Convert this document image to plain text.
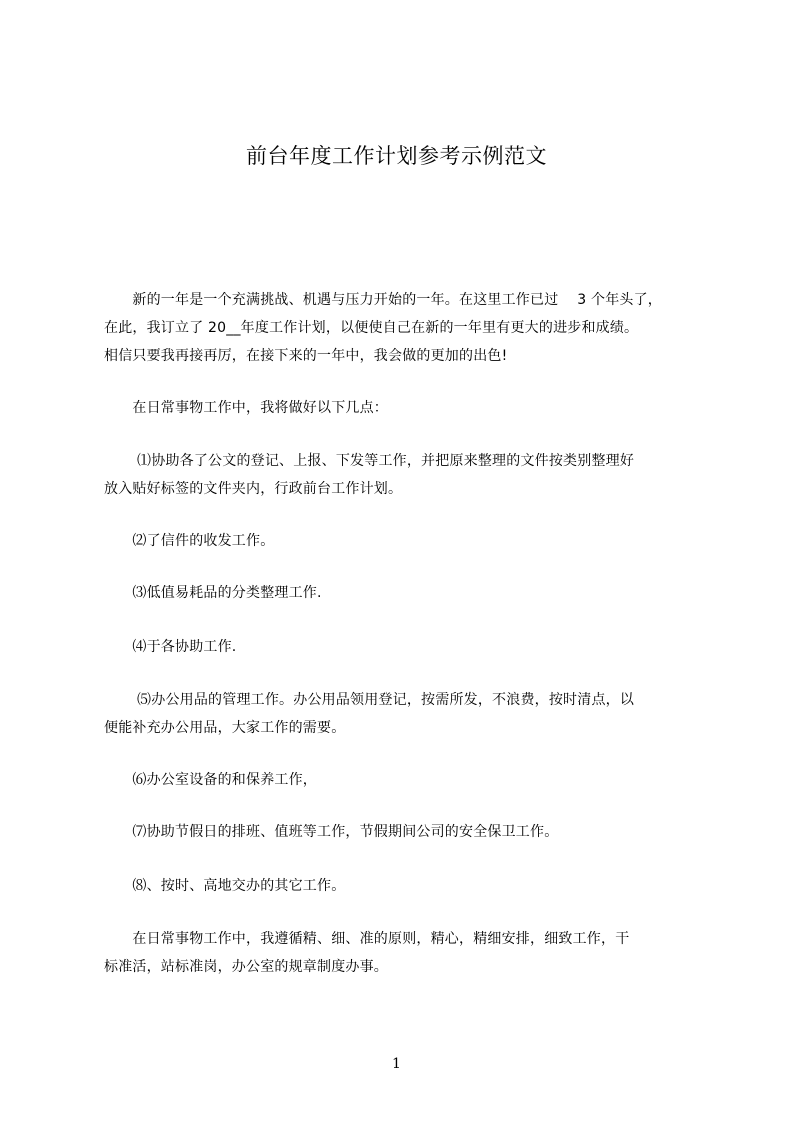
前台年度工作计划参考示例范文
　　新的一年是一个充满挑战、机遇与压力开始的一年。在这里工作已过　 3 个年头了，
在此，我订立了 20__年度工作计划，以便使自己在新的一年里有更大的进步和成绩。
相信只要我再接再厉，在接下来的一年中，我会做的更加的出色!
　　在日常事物工作中，我将做好以下几点：
　　 ⑴协助各了公文的登记、上报、下发等工作，并把原来整理的文件按类别整理好
放入贴好标签的文件夹内，行政前台工作计划。
　　⑵了信件的收发工作。
　　⑶低值易耗品的分类整理工作.
　　⑷于各协助工作.
　　 ⑸办公用品的管理工作。办公用品领用登记，按需所发，不浪费，按时清点，以
便能补充办公用品，大家工作的需要。
　　⑹办公室设备的和保养工作，
　　⑺协助节假日的排班、值班等工作，节假期间公司的安全保卫工作。
　　⑻、按时、高地交办的其它工作。
　　在日常事物工作中，我遵循精、细、准的原则，精心，精细安排，细致工作，干
标准活，站标准岗，办公室的规章制度办事。
1
